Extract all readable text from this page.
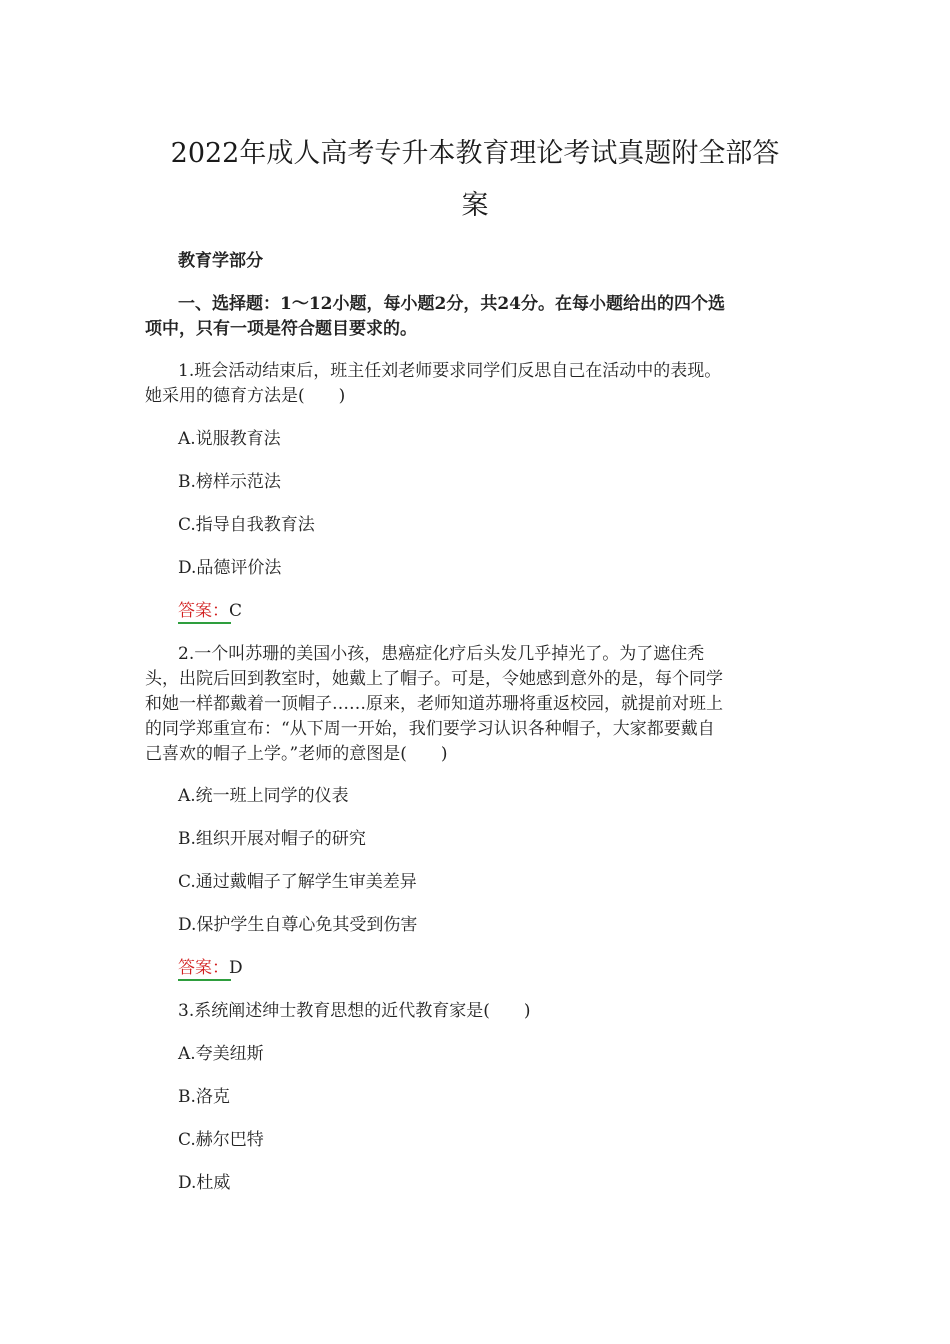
2022年成人高考专升本教育理论考试真题附全部答
案
教育学部分
一、选择题：1～12小题，每小题2分，共24分。在每小题给出的四个选
项中，只有一项是符合题目要求的。
1.班会活动结束后，班主任刘老师要求同学们反思自己在活动中的表现。
她采用的德育方法是(　　)
A.说服教育法
B.榜样示范法
C.指导自我教育法
D.品德评价法
答案：C
2.一个叫苏珊的美国小孩，患癌症化疗后头发几乎掉光了。为了遮住秃
头，出院后回到教室时，她戴上了帽子。可是，令她感到意外的是，每个同学
和她一样都戴着一顶帽子……原来，老师知道苏珊将重返校园，就提前对班上
的同学郑重宣布：“从下周一开始，我们要学习认识各种帽子，大家都要戴自
己喜欢的帽子上学。”老师的意图是(　　)
A.统一班上同学的仪表
B.组织开展对帽子的研究
C.通过戴帽子了解学生审美差异
D.保护学生自尊心免其受到伤害
答案：D
3.系统阐述绅士教育思想的近代教育家是(　　)
A.夸美纽斯
B.洛克
C.赫尔巴特
D.杜威
